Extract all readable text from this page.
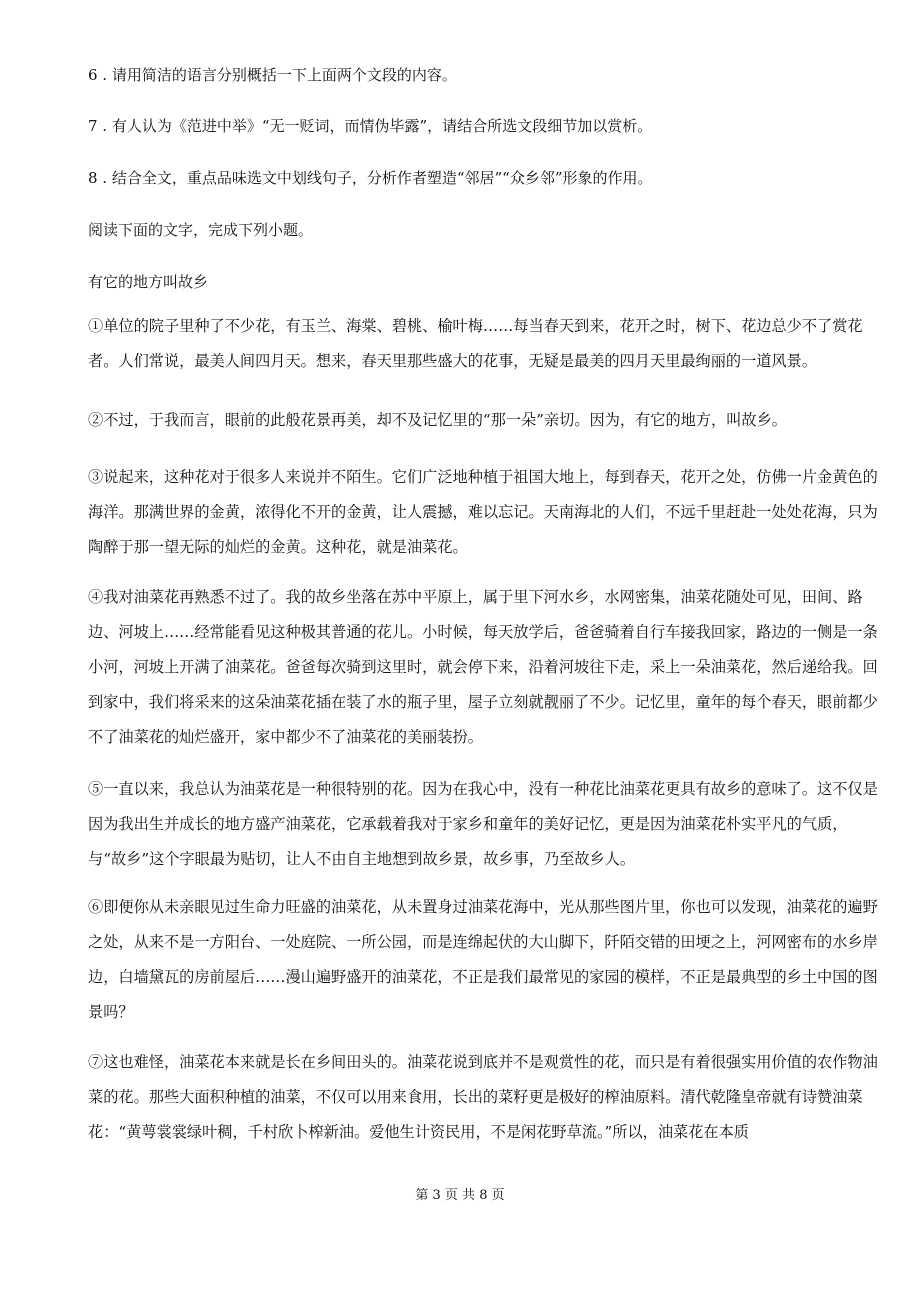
6 . 请用简洁的语言分别概括一下上面两个文段的内容。
7 . 有人认为《范进中举》“无一贬词，而情伪毕露”，请结合所选文段细节加以赏析。
8 . 结合全文，重点品味选文中划线句子，分析作者塑造“邻居”“众乡邻”形象的作用。
阅读下面的文字，完成下列小题。
有它的地方叫故乡
①单位的院子里种了不少花，有玉兰、海棠、碧桃、榆叶梅……每当春天到来，花开之时，树下、花边总少不了赏花者。人们常说，最美人间四月天。想来，春天里那些盛大的花事，无疑是最美的四月天里最绚丽的一道风景。
②不过，于我而言，眼前的此般花景再美，却不及记忆里的“那一朵”亲切。因为，有它的地方，叫故乡。
③说起来，这种花对于很多人来说并不陌生。它们广泛地种植于祖国大地上，每到春天，花开之处，仿佛一片金黄色的海洋。那满世界的金黄，浓得化不开的金黄，让人震撼，难以忘记。天南海北的人们，不远千里赶赴一处处花海，只为陶醉于那一望无际的灿烂的金黄。这种花，就是油菜花。
④我对油菜花再熟悉不过了。我的故乡坐落在苏中平原上，属于里下河水乡，水网密集，油菜花随处可见，田间、路边、河坡上……经常能看见这种极其普通的花儿。小时候，每天放学后，爸爸骑着自行车接我回家，路边的一侧是一条小河，河坡上开满了油菜花。爸爸每次骑到这里时，就会停下来，沿着河坡往下走，采上一朵油菜花，然后递给我。回到家中，我们将采来的这朵油菜花插在装了水的瓶子里，屋子立刻就靓丽了不少。记忆里，童年的每个春天，眼前都少不了油菜花的灿烂盛开，家中都少不了油菜花的美丽装扮。
⑤一直以来，我总认为油菜花是一种很特别的花。因为在我心中，没有一种花比油菜花更具有故乡的意味了。这不仅是因为我出生并成长的地方盛产油菜花，它承载着我对于家乡和童年的美好记忆，更是因为油菜花朴实平凡的气质，与“故乡”这个字眼最为贴切，让人不由自主地想到故乡景，故乡事，乃至故乡人。
⑥即便你从未亲眼见过生命力旺盛的油菜花，从未置身过油菜花海中，光从那些图片里，你也可以发现，油菜花的遍野之处，从来不是一方阳台、一处庭院、一所公园，而是连绵起伏的大山脚下，阡陌交错的田埂之上，河网密布的水乡岸边，白墙黛瓦的房前屋后……漫山遍野盛开的油菜花，不正是我们最常见的家园的模样，不正是最典型的乡土中国的图景吗？
⑦这也难怪，油菜花本来就是长在乡间田头的。油菜花说到底并不是观赏性的花，而只是有着很强实用价值的农作物油菜的花。那些大面积种植的油菜，不仅可以用来食用，长出的菜籽更是极好的榨油原料。清代乾隆皇帝就有诗赞油菜花：“黄萼裳裳绿叶稠，千村欣卜榨新油。爱他生计资民用，不是闲花野草流。”所以，油菜花在本质
第 3 页 共 8 页
